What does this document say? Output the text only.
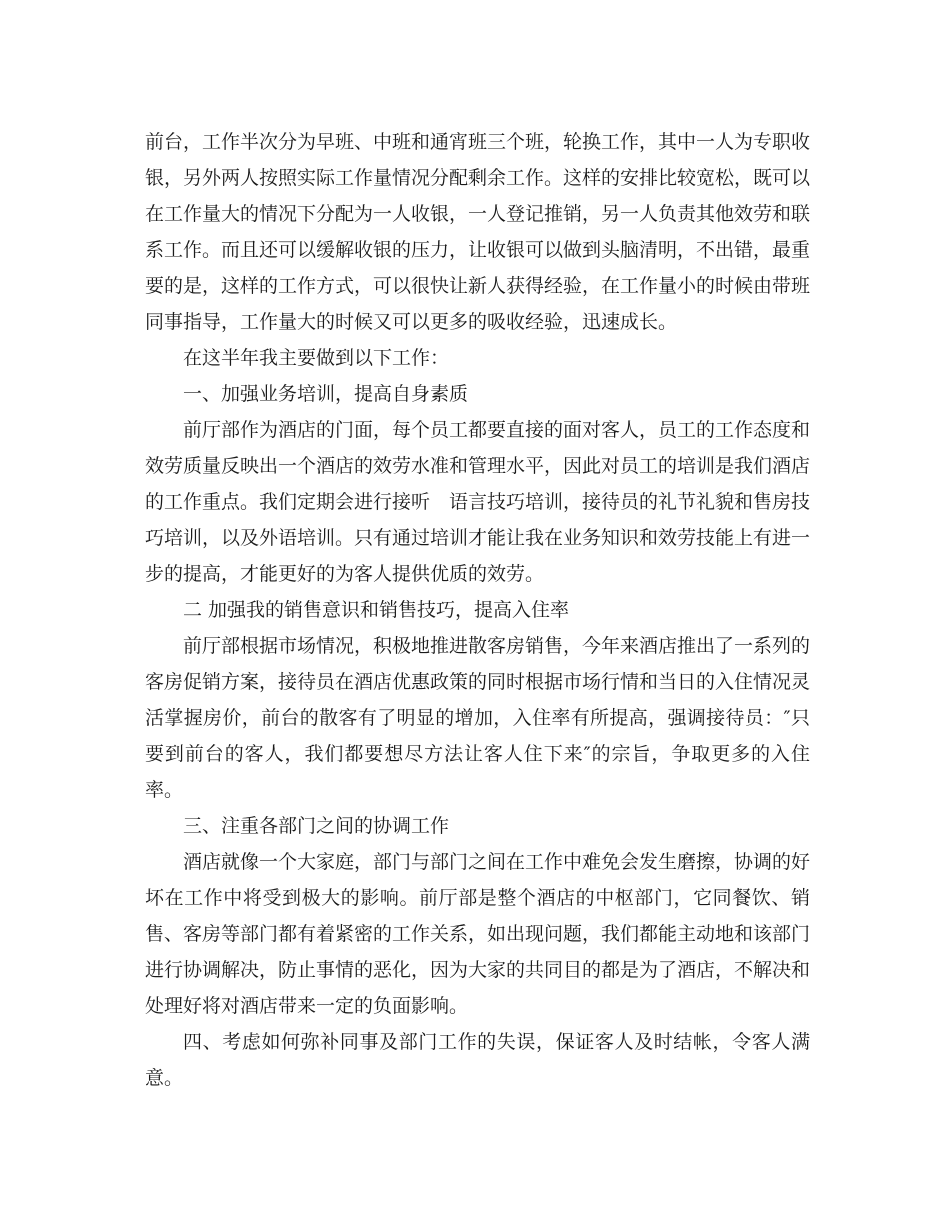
前台，工作半次分为早班、中班和通宵班三个班，轮换工作，其中一人为专职收银，另外两人按照实际工作量情况分配剩余工作。这样的安排比较宽松，既可以在工作量大的情况下分配为一人收银，一人登记推销，另一人负责其他效劳和联系工作。而且还可以缓解收银的压力，让收银可以做到头脑清明，不出错，最重要的是，这样的工作方式，可以很快让新人获得经验，在工作量小的时候由带班同事指导，工作量大的时候又可以更多的吸收经验，迅速成长。

在这半年我主要做到以下工作：

一、加强业务培训，提高自身素质

前厅部作为酒店的门面，每个员工都要直接的面对客人，员工的工作态度和效劳质量反映出一个酒店的效劳水准和管理水平，因此对员工的培训是我们酒店的工作重点。我们定期会进行接听　语言技巧培训，接待员的礼节礼貌和售房技巧培训，以及外语培训。只有通过培训才能让我在业务知识和效劳技能上有进一步的提高，才能更好的为客人提供优质的效劳。

二 加强我的销售意识和销售技巧，提高入住率

前厅部根据市场情况，积极地推进散客房销售，今年来酒店推出了一系列的客房促销方案，接待员在酒店优惠政策的同时根据市场行情和当日的入住情况灵活掌握房价，前台的散客有了明显的增加，入住率有所提高，强调接待员：″只要到前台的客人，我们都要想尽方法让客人住下来″的宗旨，争取更多的入住率。

三、注重各部门之间的协调工作

酒店就像一个大家庭，部门与部门之间在工作中难免会发生磨擦，协调的好坏在工作中将受到极大的影响。前厅部是整个酒店的中枢部门，它同餐饮、销售、客房等部门都有着紧密的工作关系，如出现问题，我们都能主动地和该部门进行协调解决，防止事情的恶化，因为大家的共同目的都是为了酒店，不解决和处理好将对酒店带来一定的负面影响。

四、考虑如何弥补同事及部门工作的失误，保证客人及时结帐，令客人满意。
